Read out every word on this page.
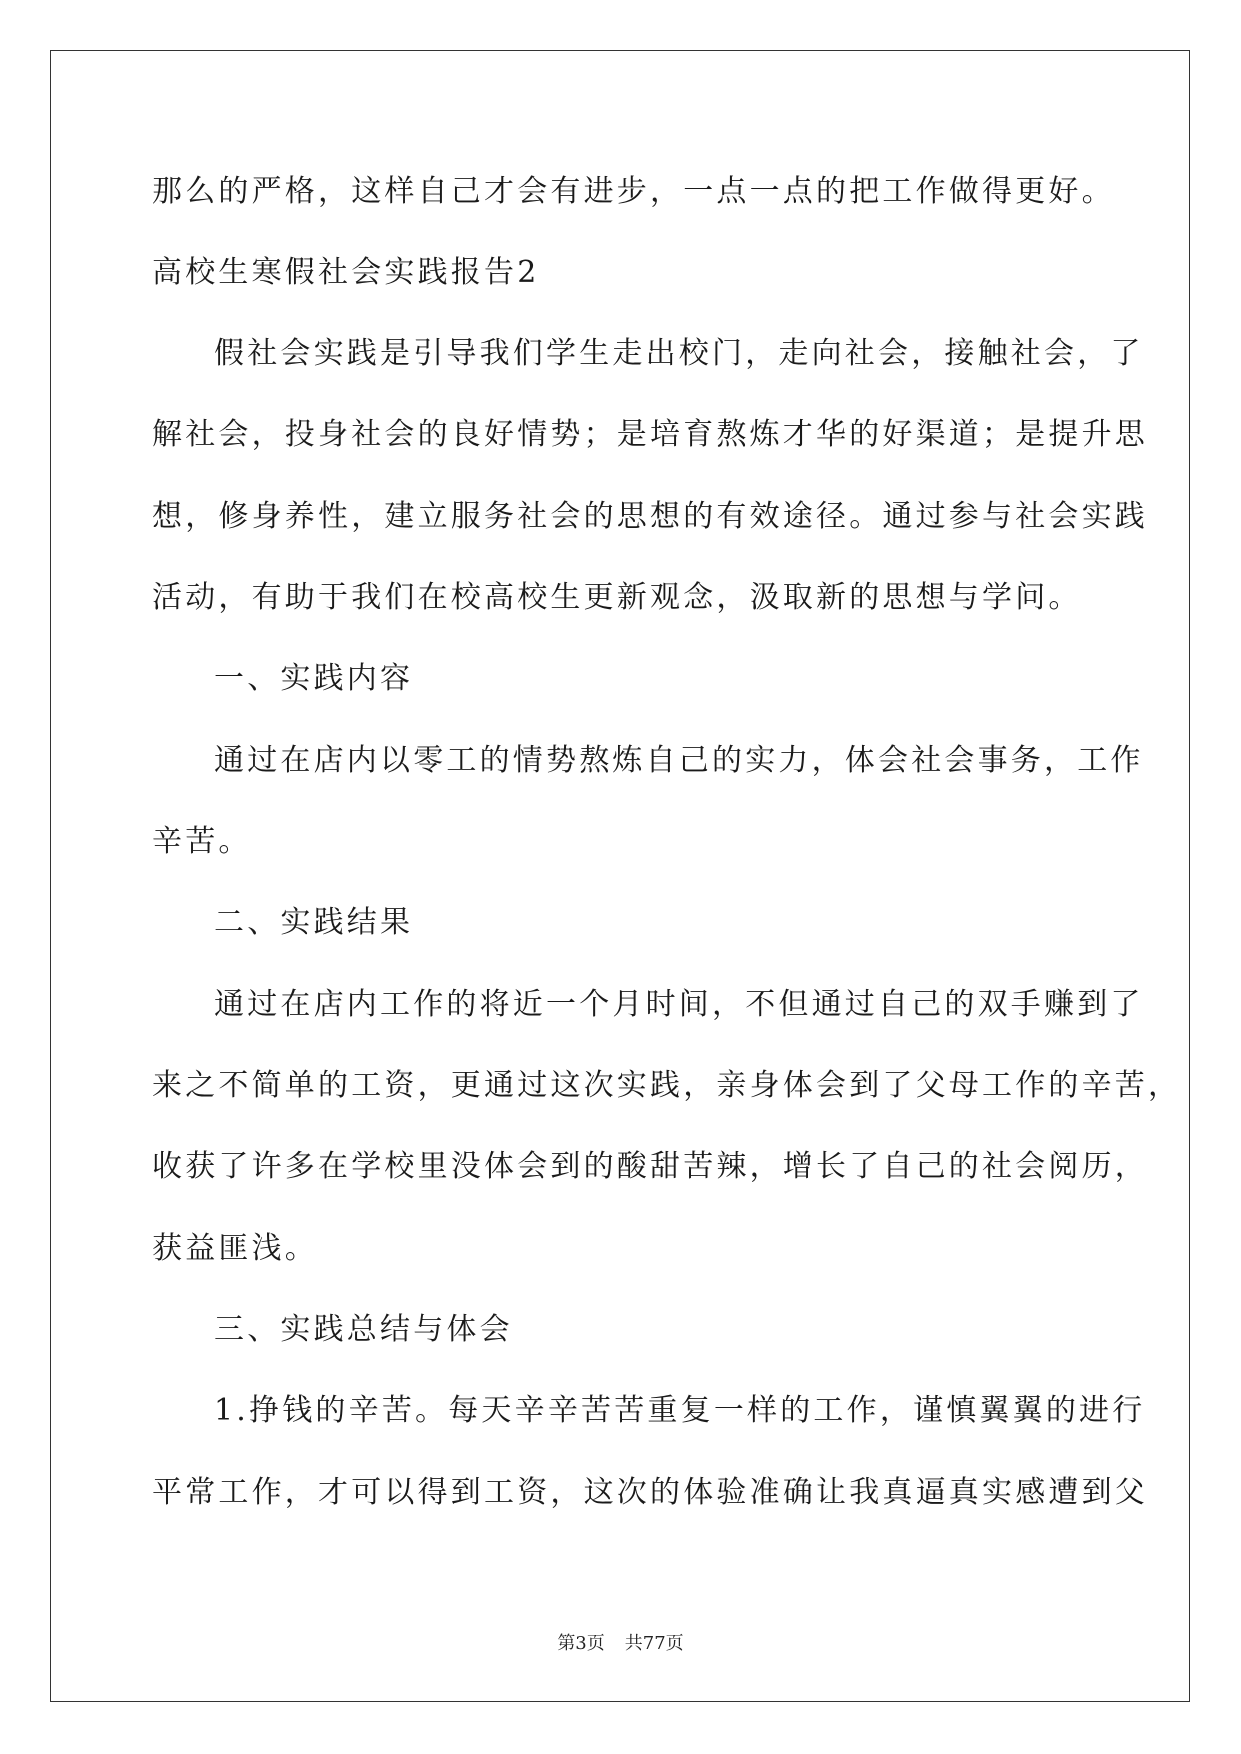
那么的严格，这样自己才会有进步，一点一点的把工作做得更好。
高校生寒假社会实践报告2
假社会实践是引导我们学生走出校门，走向社会，接触社会，了
解社会，投身社会的良好情势；是培育熬炼才华的好渠道；是提升思
想，修身养性，建立服务社会的思想的有效途径。通过参与社会实践
活动，有助于我们在校高校生更新观念，汲取新的思想与学问。
一、实践内容
通过在店内以零工的情势熬炼自己的实力，体会社会事务，工作
辛苦。
二、实践结果
通过在店内工作的将近一个月时间，不但通过自己的双手赚到了
来之不简单的工资，更通过这次实践，亲身体会到了父母工作的辛苦，
收获了许多在学校里没体会到的酸甜苦辣，增长了自己的社会阅历，
获益匪浅。
三、实践总结与体会
1.挣钱的辛苦。每天辛辛苦苦重复一样的工作，谨慎翼翼的进行
平常工作，才可以得到工资，这次的体验准确让我真逼真实感遭到父
第3页 共77页
